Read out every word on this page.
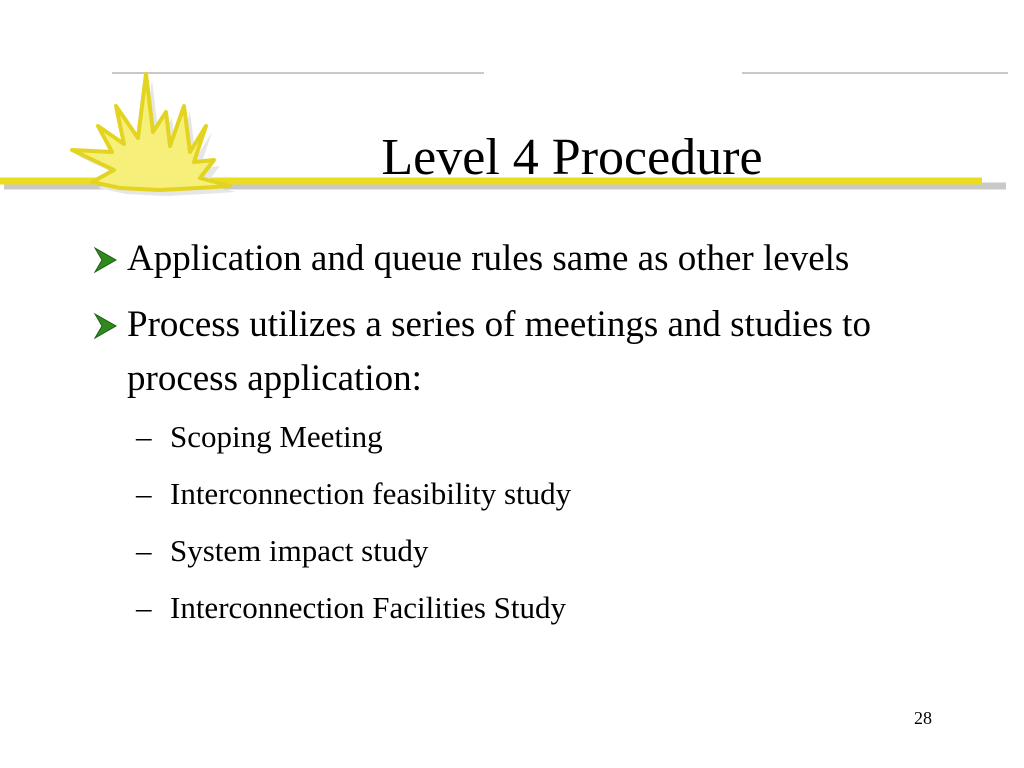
Level 4 Procedure
Application and queue rules same as other levels
Process utilizes a series of meetings and studies to process application:
– Scoping Meeting
– Interconnection feasibility study
– System impact study
– Interconnection Facilities Study
28
